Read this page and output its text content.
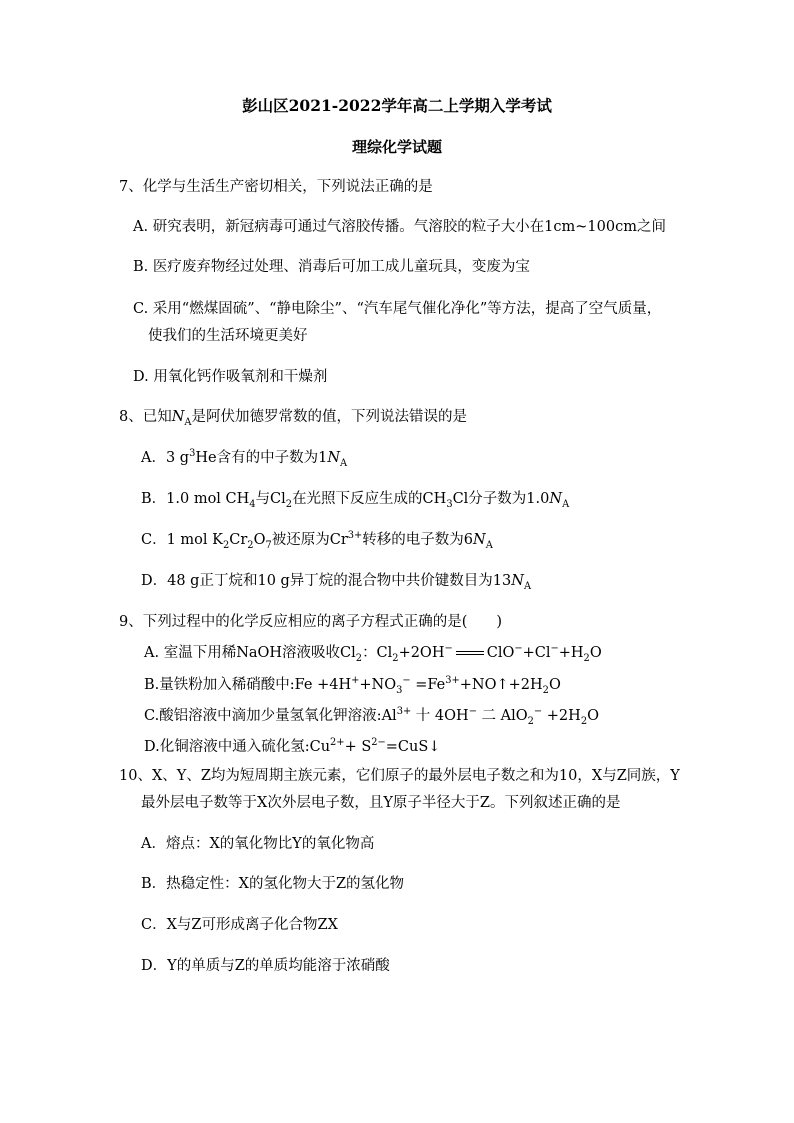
彭山区2021-2022学年高二上学期入学考试
理综化学试题
7、化学与生活生产密切相关，下列说法正确的是
A. 研究表明，新冠病毒可通过气溶胶传播。气溶胶的粒子大小在1cm~100cm之间
B. 医疗废弃物经过处理、消毒后可加工成儿童玩具，变废为宝
C. 采用“燃煤固硫”、“静电除尘”、“汽车尾气催化净化”等方法，提高了空气质量，
使我们的生活环境更美好
D. 用氧化钙作吸氧剂和干燥剂
8、已知$N_A$是阿伏加德罗常数的值，下列说法错误的是
A．3 $g^3He$含有的中子数为$1N_A$
B．1.0 mol $CH_4$与$Cl_2$在光照下反应生成的$CH_3Cl$分子数为$1.0N_A$
C．1 mol $K_2Cr_2O_7$被还原为$Cr^{3+}$转移的电子数为$6N_A$
D．48 g正丁烷和10 g异丁烷的混合物中共价键数目为$13N_A$
9、下列过程中的化学反应相应的离子方程式正确的是(　　)
A. 室温下用稀NaOH溶液吸收$Cl_2$：$Cl_2+2OH^-$ $ClO^-+Cl^-+H_2O$
B.量铁粉加入稀硝酸中:Fe $+4H^++NO_3^-$ $=Fe^{3+}+NO↑+2H_2O$
C.酸铝溶液中滴加少量氢氧化钾溶液$:Al^{3+}$ 十 4OH− 二 $AlO_2^- +2H_2O$
D.化铜溶液中通入硫化氢$:Cu^{2+}+$ $S^{2-}=CuS↓$
10、X、Y、Z均为短周期主族元素，它们原子的最外层电子数之和为10，X与Z同族，Y
最外层电子数等于X次外层电子数，且Y原子半径大于Z。下列叙述正确的是
A．熔点：X的氧化物比Y的氧化物高
B．热稳定性：X的氢化物大于Z的氢化物
C．X与Z可形成离子化合物ZX
D．Y的单质与Z的单质均能溶于浓硝酸
